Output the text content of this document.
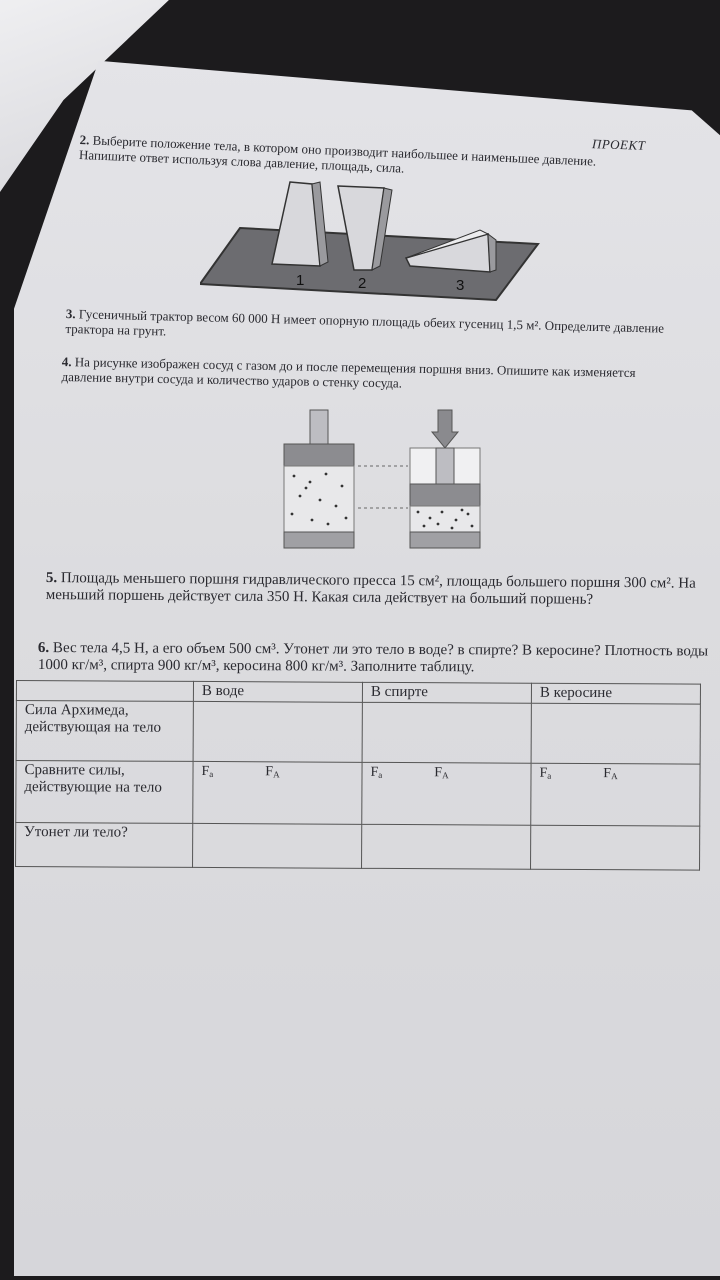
ПРОЕКТ
2. Выберите положение тела, в котором оно производит наибольшее и наименьшее давление. Напишите ответ используя слова давление, площадь, сила.
1	2	3
3. Гусеничный трактор весом 60 000 Н имеет опорную площадь обеих гусениц 1,5 м². Определите давление трактора на грунт.
4. На рисунке изображен сосуд с газом до и после перемещения поршня вниз. Опишите как изменяется давление внутри сосуда и количество ударов о стенку сосуда.
5. Площадь меньшего поршня гидравлического пресса 15 см², площадь большего поршня 300 см². На меньший поршень действует сила 350 Н. Какая сила действует на больший поршень?
6. Вес тела 4,5 Н, а его объем 500 см³. Утонет ли это тело в воде? в спирте? В керосине? Плотность воды 1000 кг/м³, спирта 900 кг/м³, керосина 800 кг/м³. Заполните таблицу.
	В воде	В спирте	В керосине
Сила Архимеда, действующая на тело			
Сравните силы, действующие на тело	$F_а$ $F_A$	$F_а$ $F_A$	$F_а$ $F_A$
Утонет ли тело?			
